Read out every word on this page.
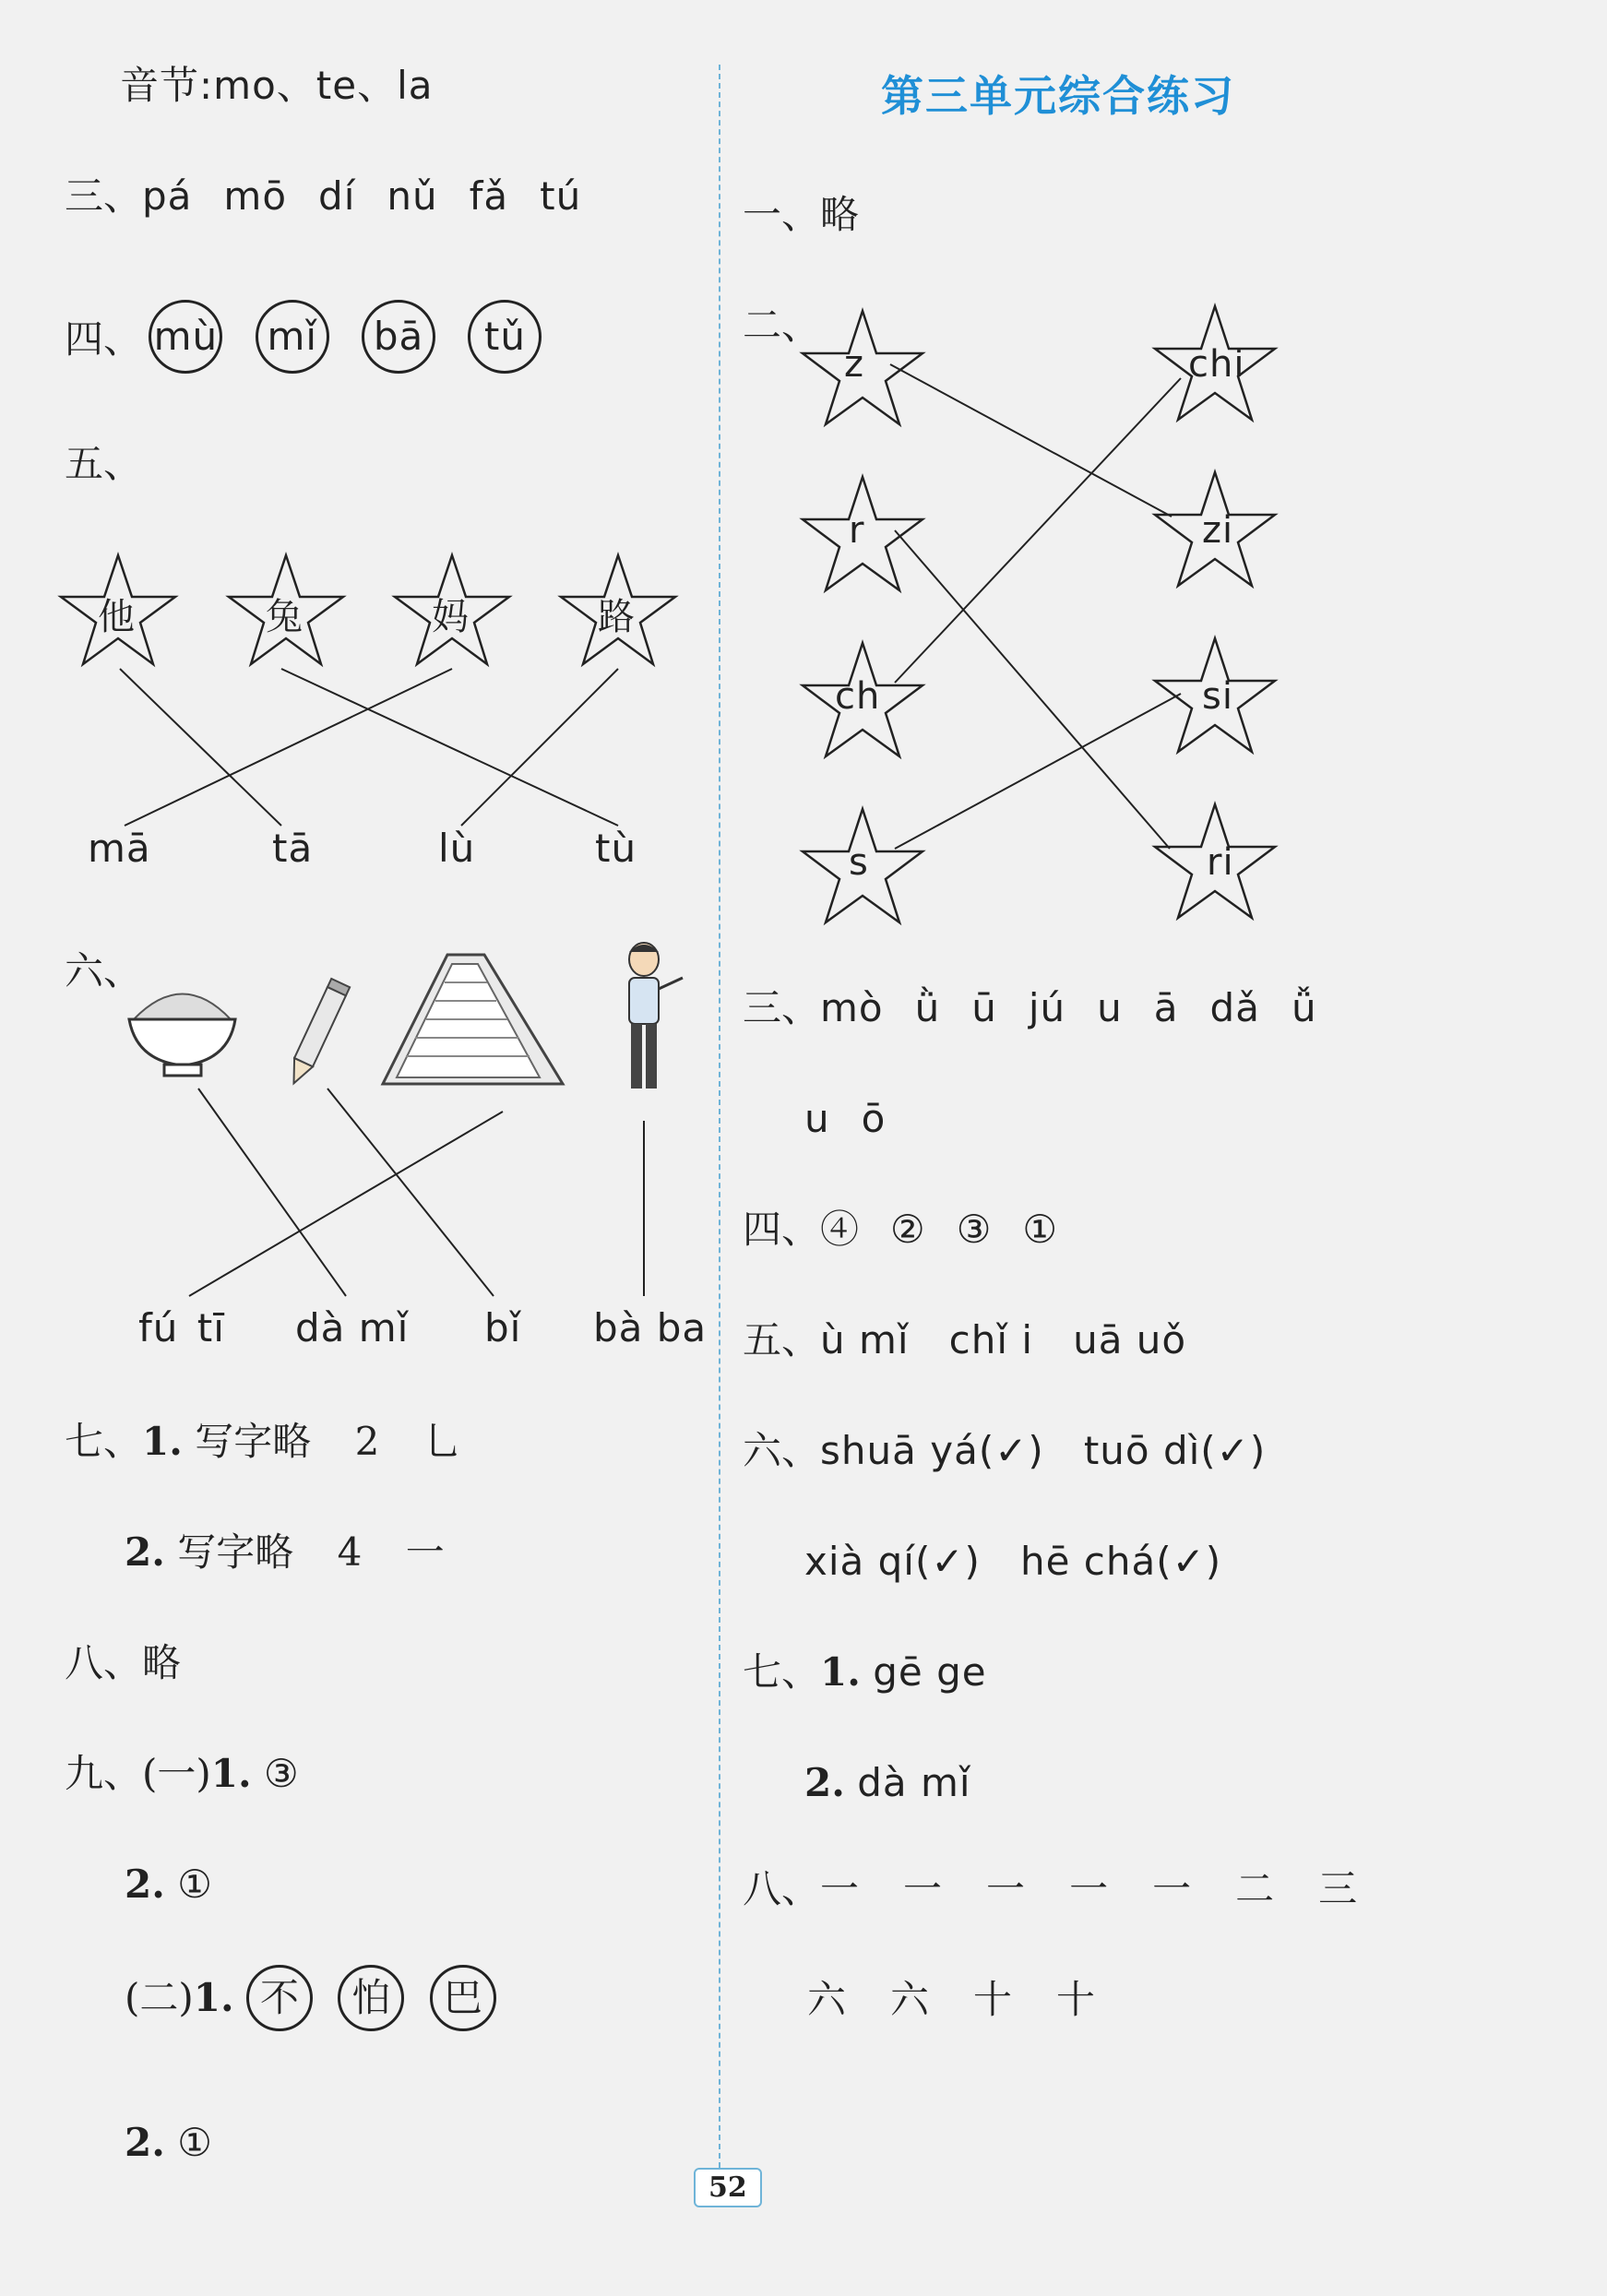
音节:mo、te、la
三、pá mō dí nǔ fǎ tú
四、 mù mǐ bā tǔ
五、
他	兔	妈	路
mā	tā	lù	tù
六、
fú tī dà mǐ bǐ bà ba
七、1. 写字略 2 乚
2. 写字略 4 一
八、略
九、(一)1. ③
2. ①
(二)1. 不 怕 巴
2. ①
第三单元综合练习
一、略
二、
z
r
ch
s
chi
zi
si
ri
三、mò ǜ ū jú u ā dǎ ǚ
u ō
四、④ ② ③ ①
五、ù mǐ   chǐ i   uā uǒ
六、shuā yá(✓)   tuō dì(✓)
xià qí(✓)   hē chá(✓)
七、1. gē ge
2. dà mǐ
八、一 一 一 一 一 二 三
六 六 十 十
52
